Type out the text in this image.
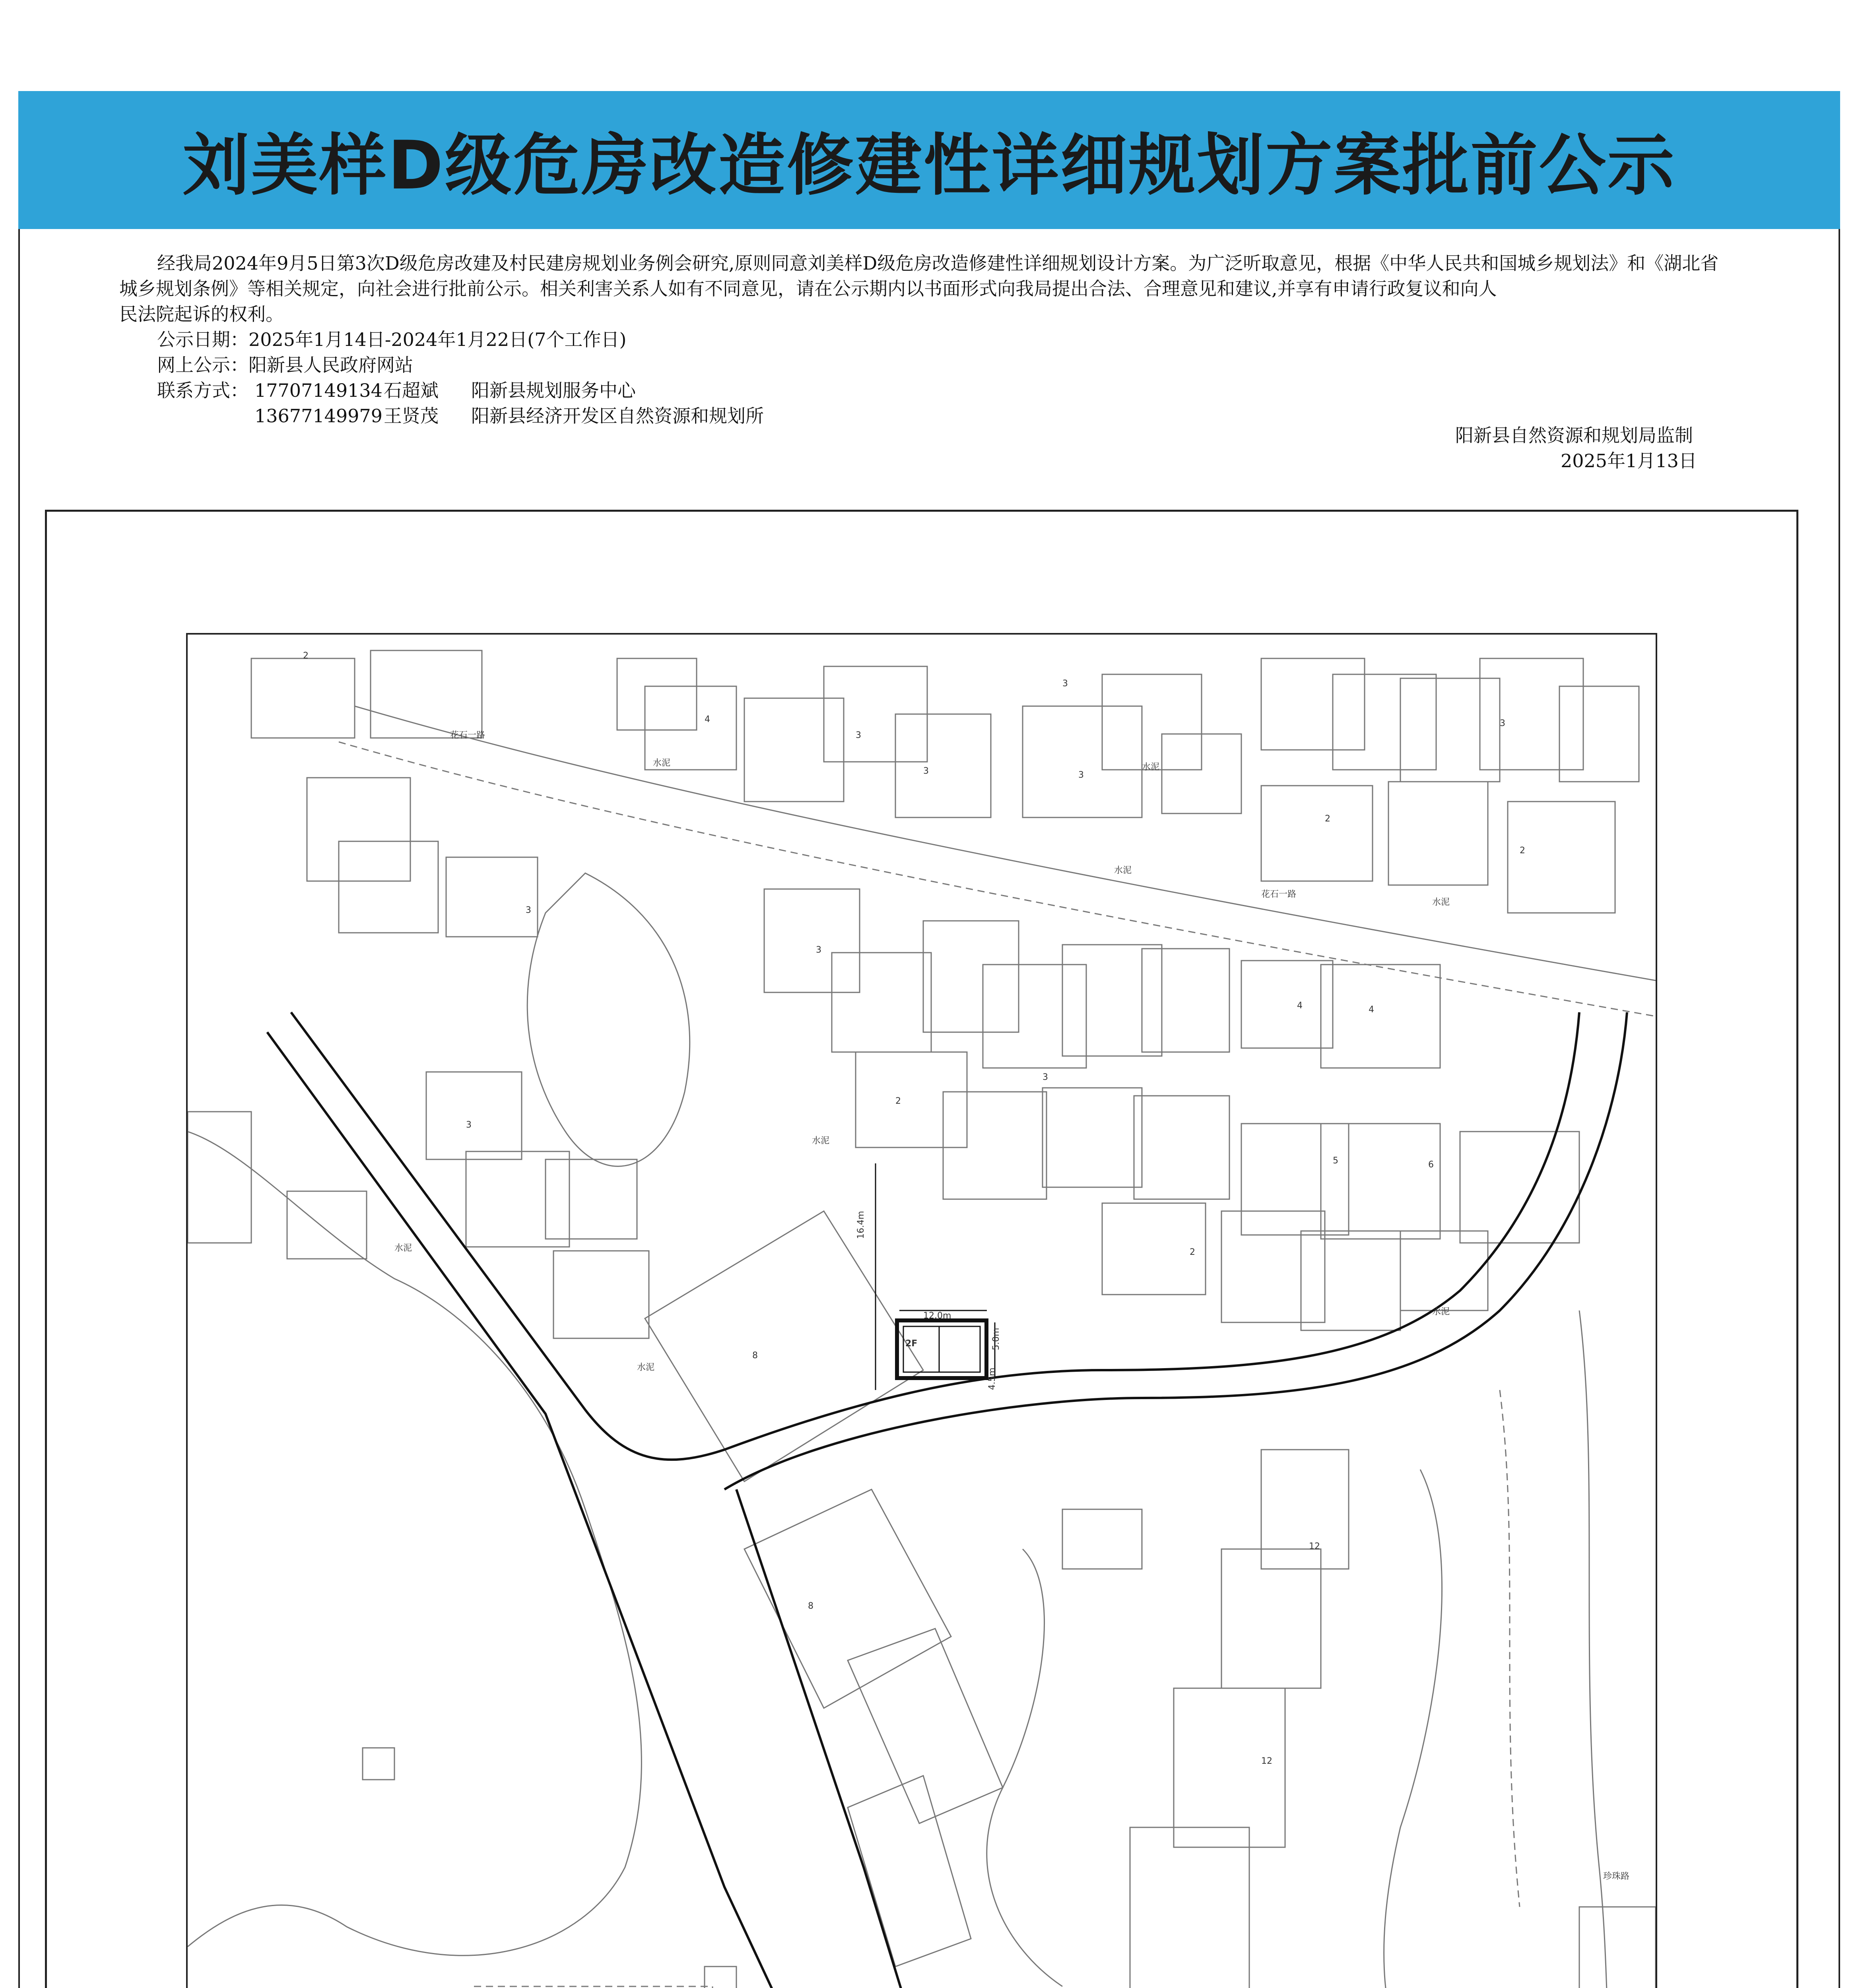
刘美样D级危房改造修建性详细规划方案批前公示
经我局2024年9月5日第3次D级危房改建及村民建房规划业务例会研究,原则同意刘美样D级危房改造修建性详细规划设计方案。为广泛听取意见，根据《中华人民共和国城乡规划法》和《湖北省
城乡规划条例》等相关规定，向社会进行批前公示。相关利害关系人如有不同意见，请在公示期内以书面形式向我局提出合法、合理意见和建议,并享有申请行政复议和向人
民法院起诉的权利。
公示日期：2025年1月14日-2024年1月22日(7个工作日)
网上公示：阳新县人民政府网站
联系方式： 17707149134 石超斌 阳新县规划服务中心
13677149979 王贤茂 阳新县经济开发区自然资源和规划所
阳新县自然资源和规划局监制
2025年1月13日
12.0m
16.4m
5.0m
4.5m
2F
水泥
水泥
水泥
水泥
水泥
水泥
水泥
水泥
花石一路
花石一路
珍珠路
2
4
3
3
3
3
3
2
2
3
4	4
2
3
5	6
8
8
12
12
3
3
2
